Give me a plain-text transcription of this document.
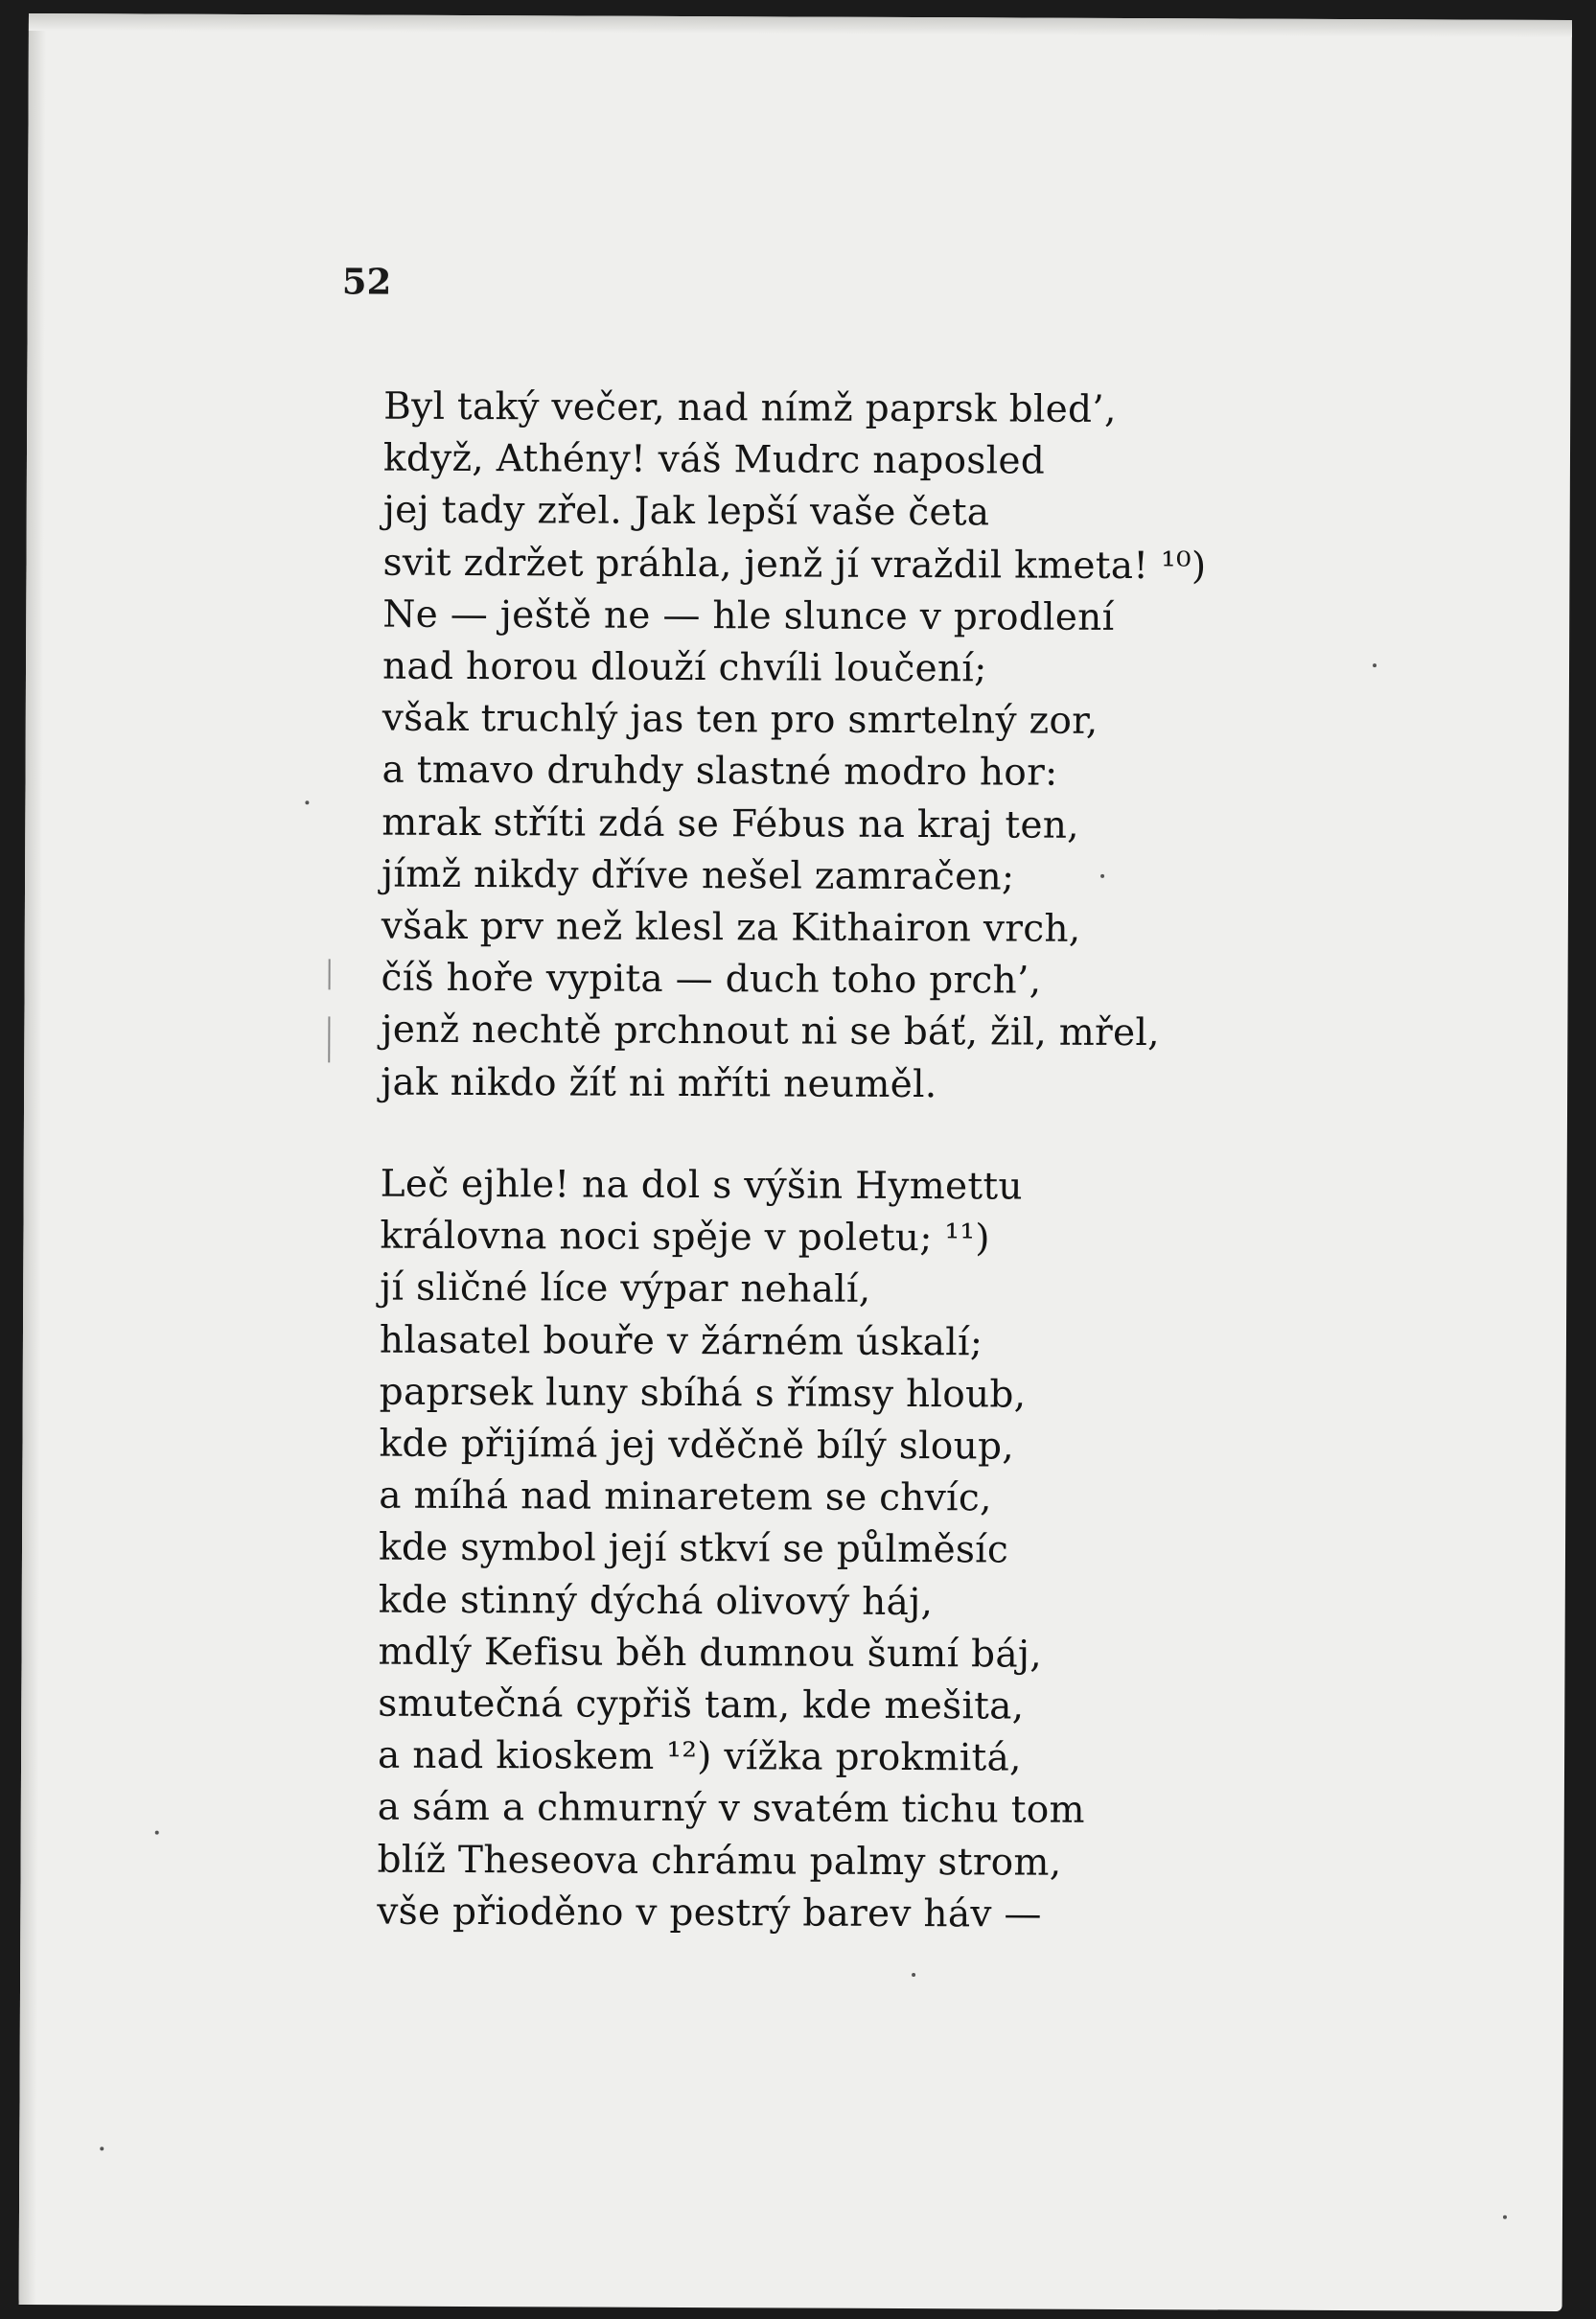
52
Byl taký večer, nad nímž paprsk bled’,
když, Athény! váš Mudrc naposled
jej tady zřel. Jak lepší vaše četa
svit zdržet práhla, jenž jí vraždil kmeta! ¹⁰)
Ne — ještě ne — hle slunce v prodlení
nad horou dlouží chvíli loučení;
však truchlý jas ten pro smrtelný zor,
a tmavo druhdy slastné modro hor:
mrak stříti zdá se Fébus na kraj ten,
jímž nikdy dříve nešel zamračen;
však prv než klesl za Kithairon vrch,
číš hoře vypita — duch toho prch’,
jenž nechtě prchnout ni se báť, žil, mřel,
jak nikdo žíť ni mříti neuměl.
Leč ejhle! na dol s výšin Hymettu
královna noci spěje v poletu; ¹¹)
jí sličné líce výpar nehalí,
hlasatel bouře v žárném úskalí;
paprsek luny sbíhá s římsy hloub,
kde přijímá jej vděčně bílý sloup,
a míhá nad minaretem se chvíc,
kde symbol její stkví se půlměsíc
kde stinný dýchá olivový háj,
mdlý Kefisu běh dumnou šumí báj,
smutečná cypřiš tam, kde mešita,
a nad kioskem ¹²) vížka prokmitá,
a sám a chmurný v svatém tichu tom
blíž Theseova chrámu palmy strom,
vše přioděno v pestrý barev háv —
